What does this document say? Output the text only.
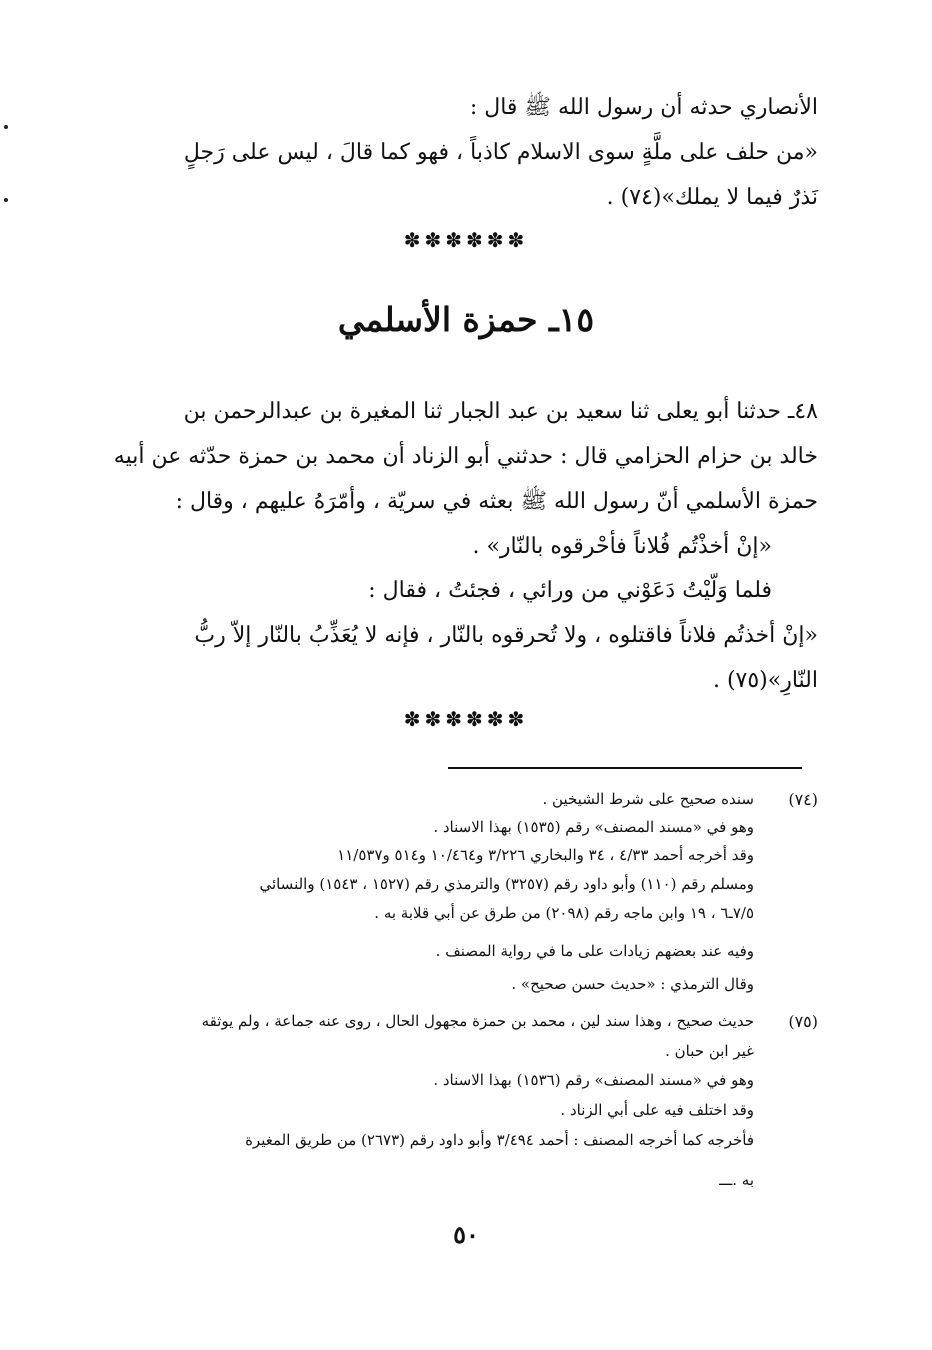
الأنصاري حدثه أن رسول الله ﷺ قال :
«من حلف على ملَّةٍ سوى الاسلام كاذباً ، فهو كما قالَ ، ليس على رَجلٍ
نَذرٌ فيما لا يملك»(٧٤) .
✽✽✽✽✽✽
١٥ـ حمزة الأسلمي
٤٨ـ حدثنا أبو يعلى ثنا سعيد بن عبد الجبار ثنا المغيرة بن عبدالرحمن بن
خالد بن حزام الحزامي قال : حدثني أبو الزناد أن محمد بن حمزة حدّثه عن أبيه
حمزة الأسلمي أنّ رسول الله ﷺ بعثه في سريّة ، وأمّرَهُ عليهم ، وقال :
«إنْ أخذْتُم فُلاناً فأحْرقوه بالنّار» .
فلما وَلّيْتُ دَعَوْني من ورائي ، فجئتُ ، فقال :
«إنْ أخذتُم فلاناً فاقتلوه ، ولا تُحرقوه بالنّار ، فإنه لا يُعَذِّبُ بالنّار إلاّ ربُّ
النّارِ»(٧٥) .
✽✽✽✽✽✽
(٧٤)
سنده صحيح على شرط الشيخين .
وهو في «مسند المصنف» رقم (١٥٣٥) بهذا الاسناد .
وقد أخرجه أحمد ٤/٣٣ ، ٣٤ والبخاري ٣/٢٢٦ و١٠/٤٦٤ و٥١٤ و١١/٥٣٧
ومسلم رقم (١١٠) وأبو داود رقم (٣٢٥٧) والترمذي رقم (١٥٢٧ ، ١٥٤٣) والنسائي
٧/٥ـ٦ ، ١٩ وابن ماجه رقم (٢٠٩٨) من طرق عن أبي قلابة به .
وفيه عند بعضهم زيادات على ما في رواية المصنف .
وقال الترمذي : «حديث حسن صحيح» .
(٧٥)
حديث صحيح ، وهذا سند لين ، محمد بن حمزة مجهول الحال ، روى عنه جماعة ، ولم يوثقه
غير ابن حبان .
وهو في «مسند المصنف» رقم (١٥٣٦) بهذا الاسناد .
وقد اختلف فيه على أبي الزناد .
فأخرجه كما أخرجه المصنف : أحمد ٣/٤٩٤ وأبو داود رقم (٢٦٧٣) من طريق المغيرة
به .ـــ
٥٠
